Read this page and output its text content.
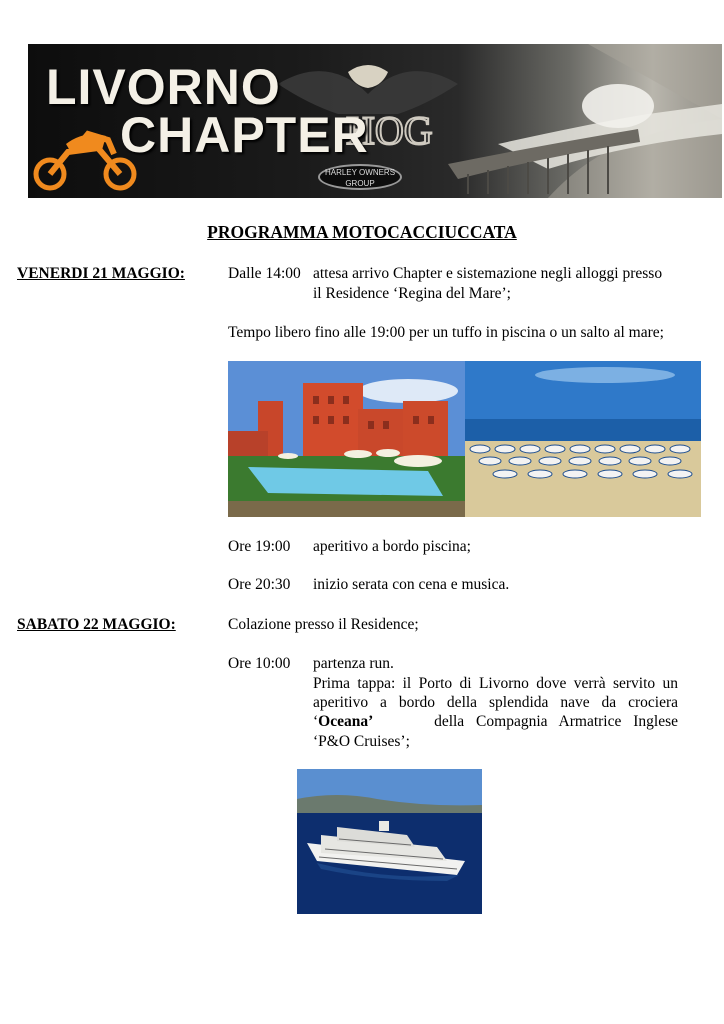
HOG
LIVORNO
CHAPTER
HARLEY OWNERS GROUP
PROGRAMMA MOTOCACCIUCCATA
VENERDI 21 MAGGIO:	Dalle 14:00 attesa arrivo Chapter e sistemazione negli alloggi presso
il Residence ‘Regina del Mare’;
Tempo libero fino alle 19:00 per un tuffo in piscina o un salto al mare;
Ore 19:00 aperitivo a bordo piscina;
Ore 20:30 inizio serata con cena e musica.
SABATO 22 MAGGIO:	Colazione presso il Residence;
Ore 10:00 partenza run.
Prima tappa: il Porto di Livorno dove verrà servito un
aperitivo a bordo della splendida nave da crociera
‘Oceana’	della Compagnia Armatrice Inglese
‘P&O Cruises’;
